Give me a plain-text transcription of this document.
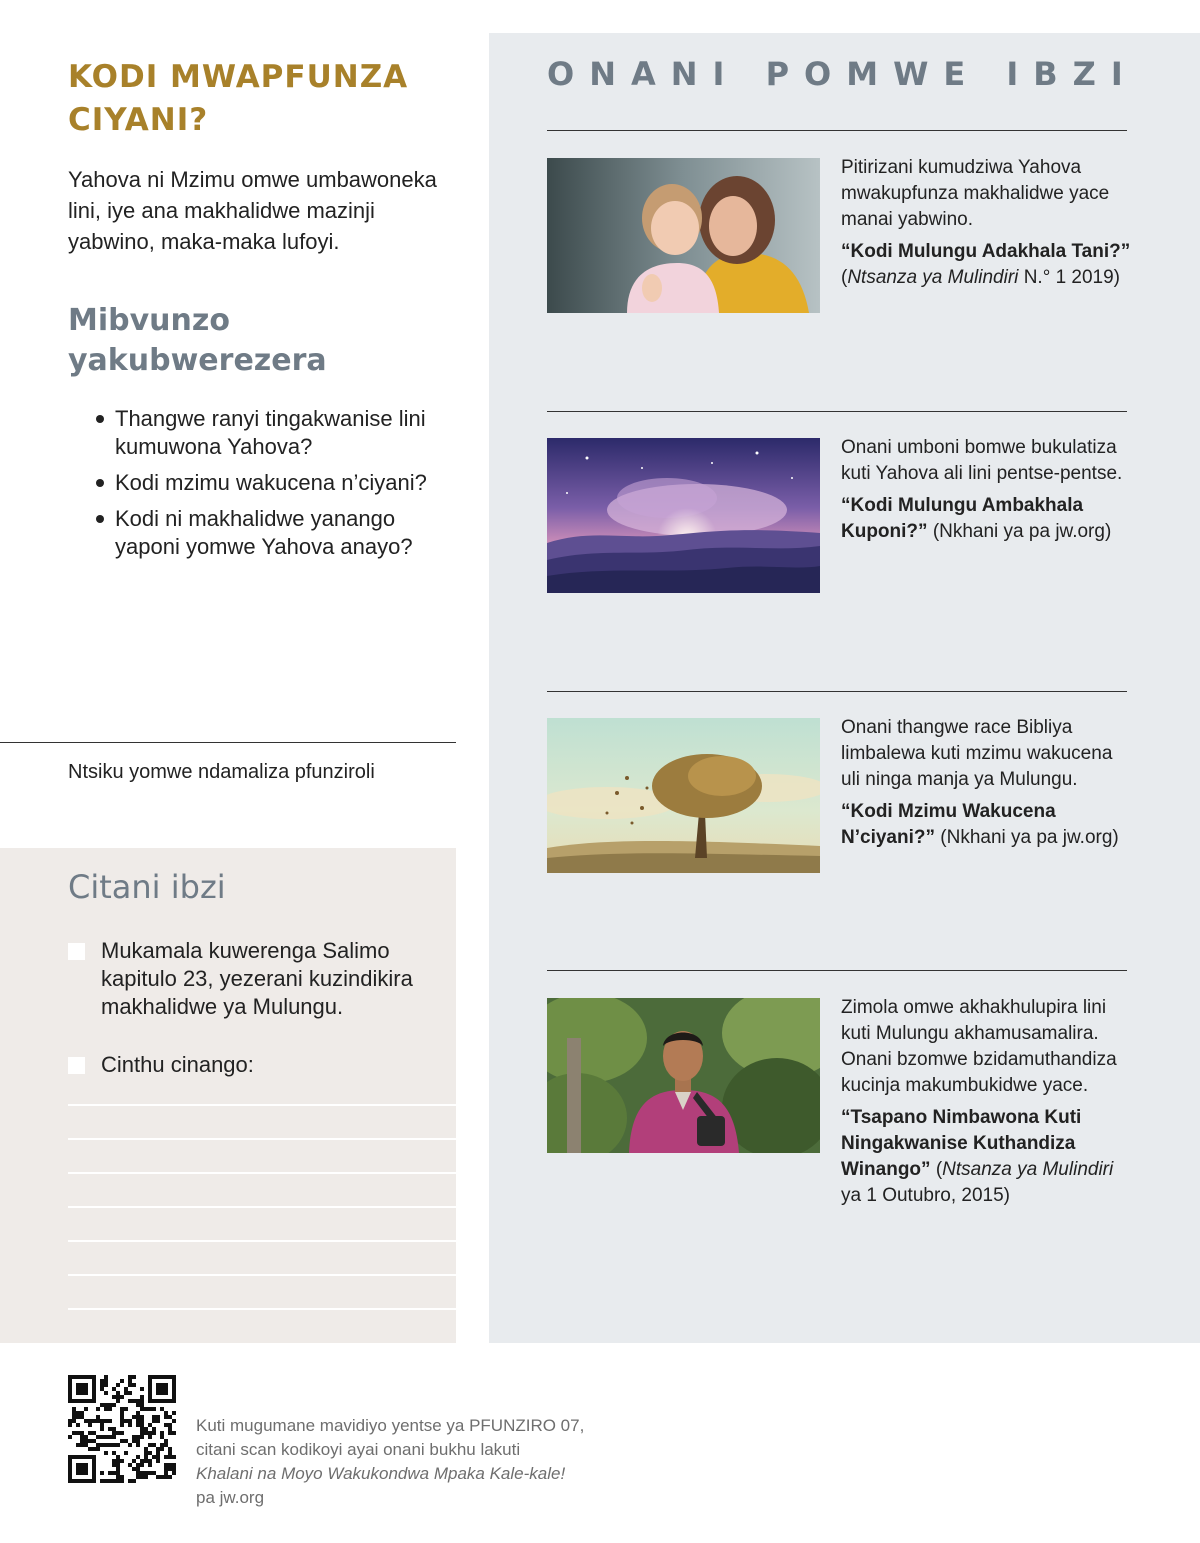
KODI MWAPFUNZA CIYANI?

Yahova ni Mzimu omwe umbawoneka lini, iye ana makhalidwe mazinji yabwino, maka-maka lufoyi.

Mibvunzo yakubwerezera
Thangwe ranyi tingakwanise lini kumuwona Yahova?
Kodi mzimu wakucena n’ciyani?
Kodi ni makhalidwe yanango yaponi yomwe Yahova anayo?
Ntsiku yomwe ndamaliza pfunziroli
Citani ibzi
Mukamala kuwerenga Salimo kapitulo 23, yezerani kuzindikira makhalidwe ya Mulungu.
Cinthu cinango:
ONANI POMWE IBZI
Pitirizani kumudziwa Yahova mwakupfunza makhalidwe yace manai yabwino.
“Kodi Mulungu Adakhala Tani?” (Ntsanza ya Mulindiri N.° 1 2019)
Onani umboni bomwe bukulatiza kuti Yahova ali lini pentse-pentse.
“Kodi Mulungu Ambakhala Kuponi?” (Nkhani ya pa jw.org)
Onani thangwe race Bibliya limbalewa kuti mzimu wakucena uli ninga manja ya Mulungu.
“Kodi Mzimu Wakucena N’ciyani?” (Nkhani ya pa jw.org)
Zimola omwe akhakhulupira lini kuti Mulungu akhamusamalira. Onani bzomwe bzidamuthandiza kucinja makumbukidwe yace.
“Tsapano Nimbawona Kuti Ningakwanise Kuthandiza Winango” (Ntsanza ya Mulindiri ya 1 Outubro, 2015)
Kuti mugumane mavidiyo yentse ya PFUNZIRO 07,
citani scan kodikoyi ayai onani bukhu lakuti
Khalani na Moyo Wakukondwa Mpaka Kale-kale!
pa jw.org
